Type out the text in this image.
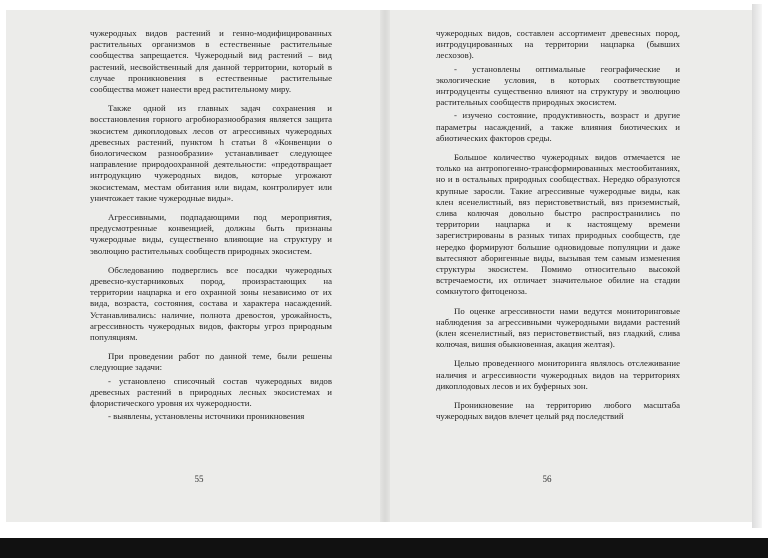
чужеродных видов растений и генно-модифицированных растительных организмов в естественные растительные сообщества запрещается. Чужеродный вид растений – вид растений, несвойственный для данной территории, который в случае проникновения в естественные растительные сообщества может нанести вред растительному миру.

Также одной из главных задач сохранения и восстановления горного агробиоразнообразия является защита экосистем дикоплодовых лесов от агрессивных чужеродных древесных растений, пунктом h статьи 8 «Конвенции о биологическом разнообразии» устанавливает следующее направление природоохранной деятельности: «предотвращает интродукцию чужеродных видов, которые угрожают экосистемам, местам обитания или видам, контролирует или уничтожает такие чужеродные виды».

Агрессивными, подпадающими под мероприятия, предусмотренные конвенцией, должны быть признаны чужеродные виды, существенно влияющие на структуру и эволюцию растительных сообществ природных экосистем.

Обследованию подверглись все посадки чужеродных древесно-кустарниковых пород, произрастающих на территории нацпарка и его охранной зоны независимо от их вида, возраста, состояния, состава и характера насаждений. Устанавливались: наличие, полнота древостоя, урожайность, агрессивность чужеродных видов, факторы угроз природным популяциям.

При проведении работ по данной теме, были решены следующие задачи:

- установлено списочный состав чужеродных видов древесных растений в природных лесных экосистемах и флористического уровня их чужеродности.

- выявлены, установлены источники проникновения

55

чужеродных видов, составлен ассортимент древесных пород, интродуцированных на территории нацпарка (бывших лесхозов).

- установлены оптимальные географические и экологические условия, в которых соответствующие интродуценты существенно влияют на структуру и эволюцию растительных сообществ природных экосистем.

- изучено состояние, продуктивность, возраст и другие параметры насаждений, а также влияния биотических и абиотических факторов среды.

Большое количество чужеродных видов отмечается не только на антропогенно-трансформированных местообитаниях, но и в остальных природных сообществах. Нередко образуются крупные заросли. Такие агрессивные чужеродные виды, как клен ясенелистный, вяз перистоветвистый, вяз приземистый, слива колючая довольно быстро распространились по территории нацпарка и к настоящему времени зарегистрированы в разных типах природных сообществ, где нередко формируют большие одновидовые популяции и даже вытесняют аборигенные виды, вызывая тем самым изменения структуры экосистем. Помимо относительно высокой встречаемости, их отличает значительное обилие на стадии сомкнутого фитоценоза.

По оценке агрессивности нами ведутся мониторинговые наблюдения за агрессивными чужеродными видами растений (клен ясенелистный, вяз перистоветвистый, вяз гладкий, слива колючая, вишня обыкновенная, акация желтая).

Целью проведенного мониторинга являлось отслеживание наличия и агрессивности чужеродных видов на территориях дикоплодовых лесов и их буферных зон.

Проникновение на территорию любого масштаба чужеродных видов влечет целый ряд последствий

56
